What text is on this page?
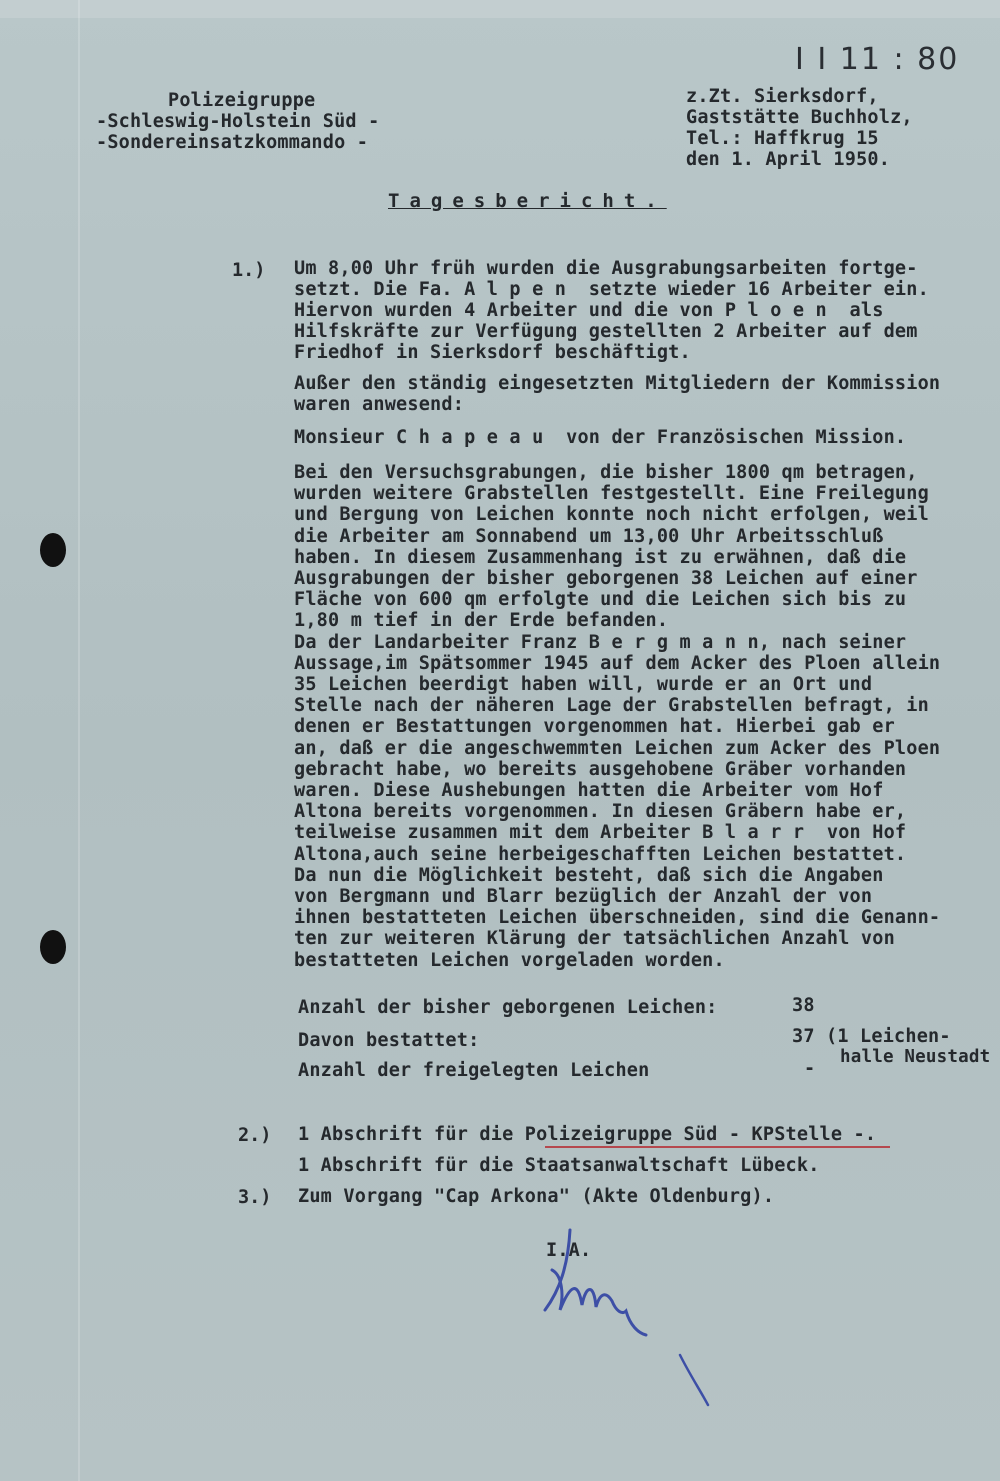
I I 11 : 80
Polizeigruppe
-Schleswig-Holstein Süd -
-Sondereinsatzkommando -
z.Zt. Sierksdorf,
Gaststätte Buchholz,
Tel.: Haffkrug 15
den 1. April 1950.
Tagesbericht.
1.) Um 8,00 Uhr früh wurden die Ausgrabungsarbeiten fortge-
setzt. Die Fa. A l p e n  setzte wieder 16 Arbeiter ein.
Hiervon wurden 4 Arbeiter und die von P l o e n  als
Hilfskräfte zur Verfügung gestellten 2 Arbeiter auf dem
Friedhof in Sierksdorf beschäftigt.
Außer den ständig eingesetzten Mitgliedern der Kommission
waren anwesend:
Monsieur C h a p e a u  von der Französischen Mission.
Bei den Versuchsgrabungen, die bisher 1800 qm betragen,
wurden weitere Grabstellen festgestellt. Eine Freilegung
und Bergung von Leichen konnte noch nicht erfolgen, weil
die Arbeiter am Sonnabend um 13,00 Uhr Arbeitsschluß
haben. In diesem Zusammenhang ist zu erwähnen, daß die
Ausgrabungen der bisher geborgenen 38 Leichen auf einer
Fläche von 600 qm erfolgte und die Leichen sich bis zu
1,80 m tief in der Erde befanden.
Da der Landarbeiter Franz B e r g m a n n, nach seiner
Aussage,im Spätsommer 1945 auf dem Acker des Ploen allein
35 Leichen beerdigt haben will, wurde er an Ort und
Stelle nach der näheren Lage der Grabstellen befragt, in
denen er Bestattungen vorgenommen hat. Hierbei gab er
an, daß er die angeschwemmten Leichen zum Acker des Ploen
gebracht habe, wo bereits ausgehobene Gräber vorhanden
waren. Diese Aushebungen hatten die Arbeiter vom Hof
Altona bereits vorgenommen. In diesen Gräbern habe er,
teilweise zusammen mit dem Arbeiter B l a r r  von Hof
Altona,auch seine herbeigeschafften Leichen bestattet.
Da nun die Möglichkeit besteht, daß sich die Angaben
von Bergmann und Blarr bezüglich der Anzahl der von
ihnen bestatteten Leichen überschneiden, sind die Genann-
ten zur weiteren Klärung der tatsächlichen Anzahl von
bestatteten Leichen vorgeladen worden.
Anzahl der bisher geborgenen Leichen:	38
Davon bestattet:	37 (1 Leichen-
halle Neustadt
Anzahl der freigelegten Leichen	-
2.) 1 Abschrift für die Polizeigruppe Süd - KPStelle -.
1 Abschrift für die Staatsanwaltschaft Lübeck.
3.) Zum Vorgang "Cap Arkona" (Akte Oldenburg).
I.A.
